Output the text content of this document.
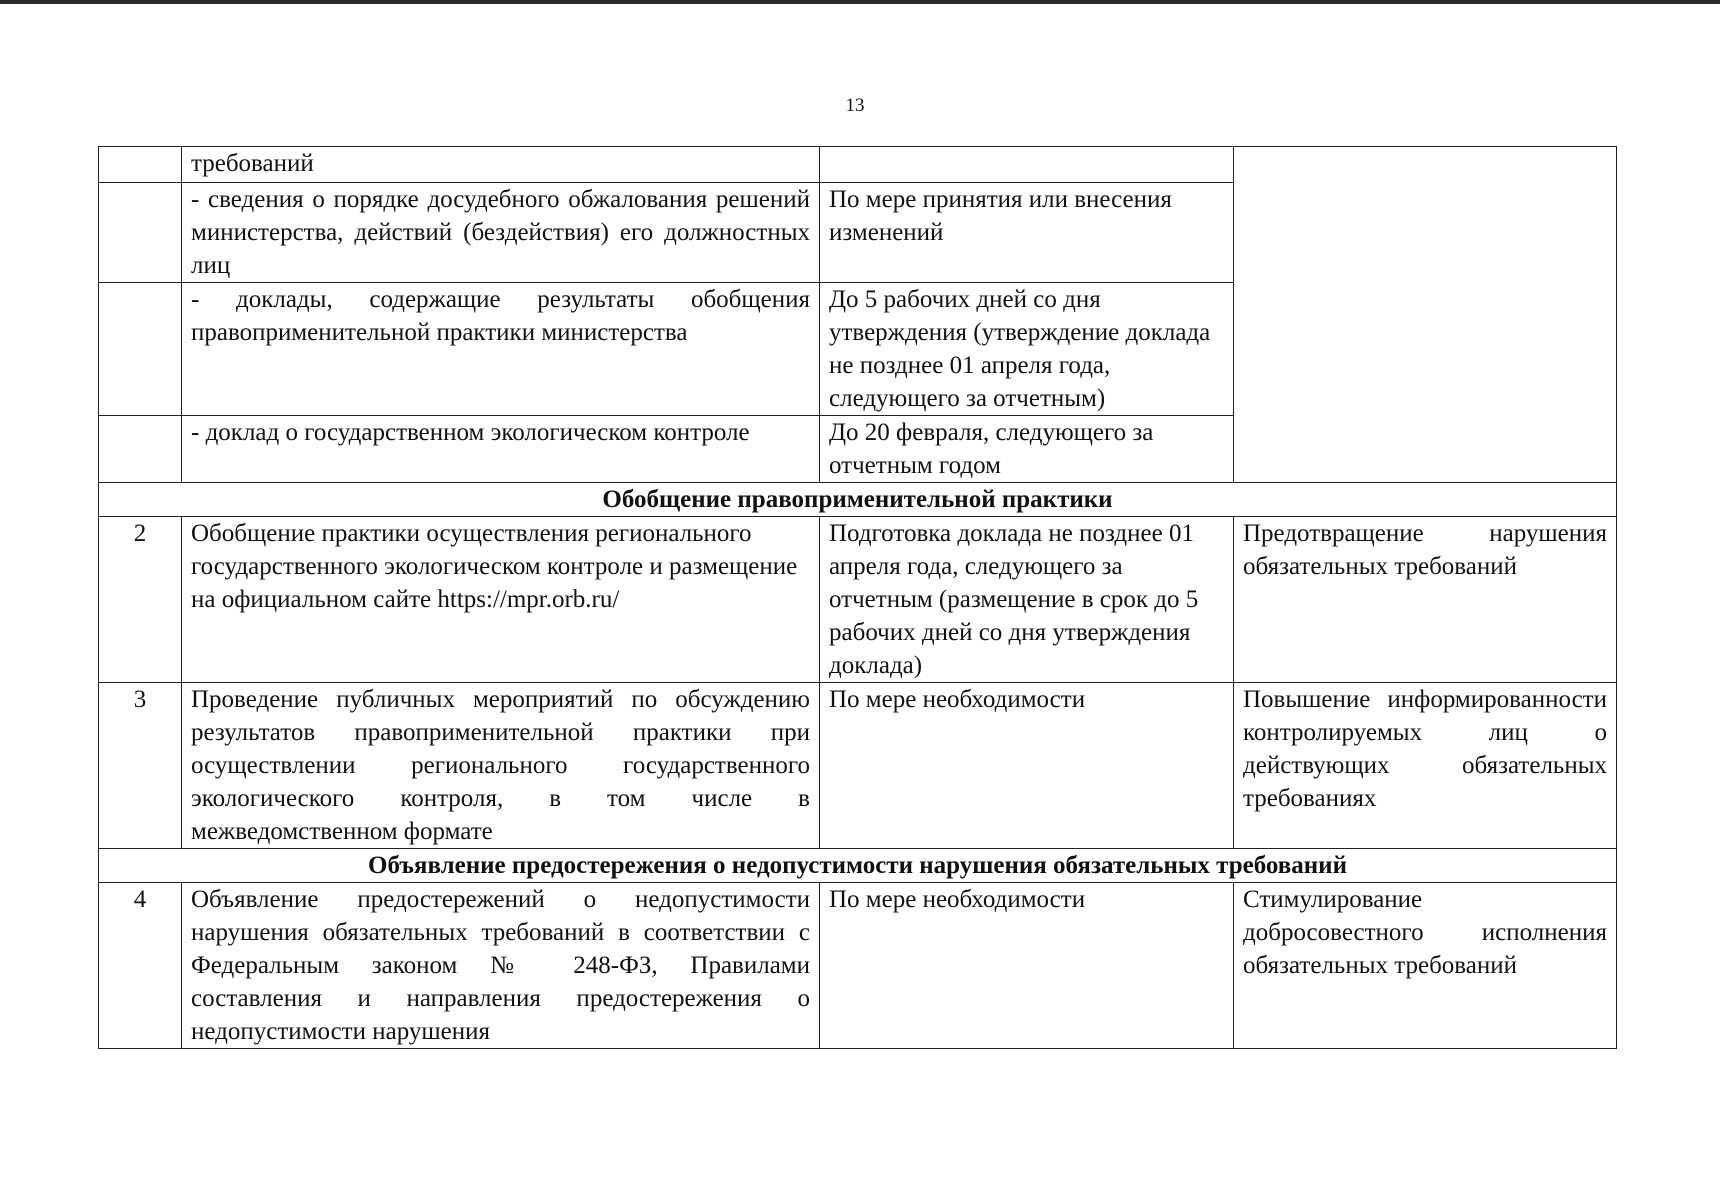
13
	требований		
	- сведения о порядке досудебного обжалования решений министерства, действий (бездействия) его должностных лиц	По мере принятия или внесения изменений	
	- доклады, содержащие результаты обобщения правоприменительной практики министерства	До 5 рабочих дней со дня утверждения (утверждение доклада не позднее 01 апреля года, следующего за отчетным)	
	- доклад о государственном экологическом контроле	До 20 февраля, следующего за отчетным годом	
Обобщение правоприменительной практики			
2	Обобщение практики осуществления регионального государственного экологическом контроле и размещение на официальном сайте https://mpr.orb.ru/	Подготовка доклада не позднее 01 апреля года, следующего за отчетным (размещение в срок до 5 рабочих дней со дня утверждения доклада)	Предотвращение нарушения обязательных требований
3	Проведение публичных мероприятий по обсуждению результатов правоприменительной практики при осуществлении регионального государственного экологического контроля, в том числе в межведомственном формате	По мере необходимости	Повышение информированности контролируемых лиц о действующих обязательных требованиях
Объявление предостережения о недопустимости нарушения обязательных требований			
4	Объявление предостережений о недопустимости нарушения обязательных требований в соответствии с Федеральным законом № 248-ФЗ, Правилами составления и направления предостережения о недопустимости нарушения	По мере необходимости	Стимулирование добросовестного исполнения обязательных требований
